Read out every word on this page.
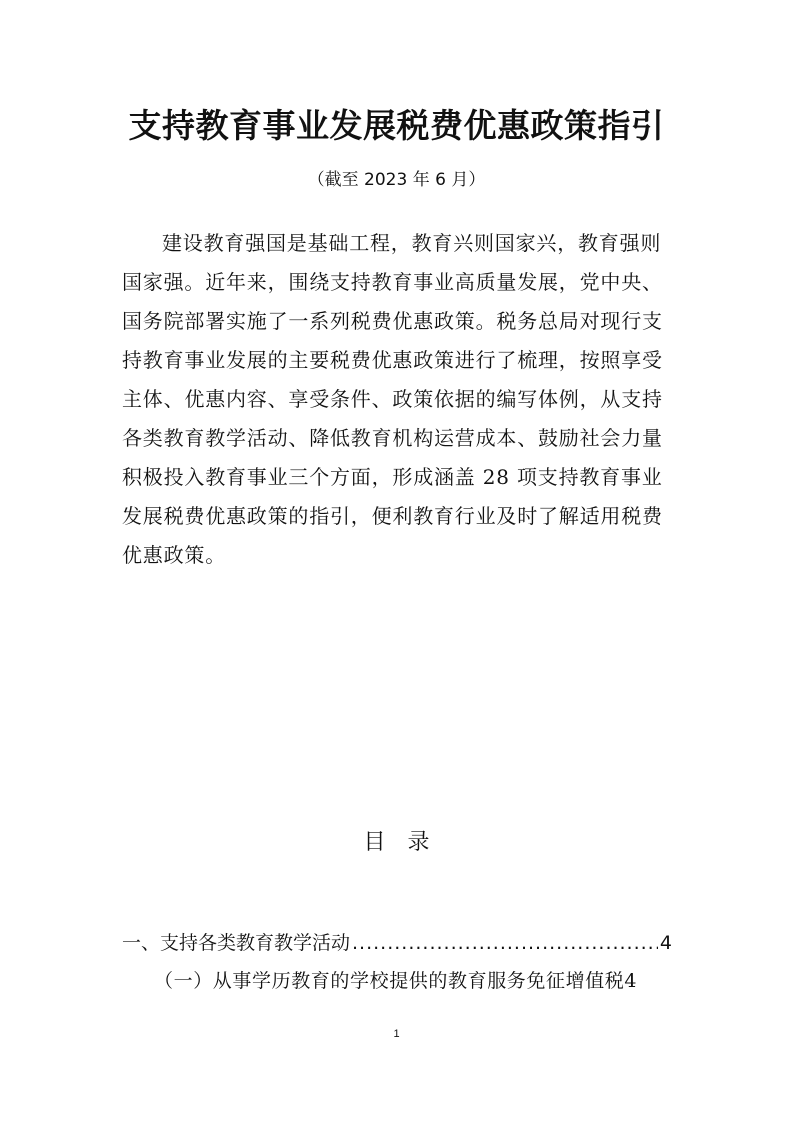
支持教育事业发展税费优惠政策指引
（截至 2023 年 6 月）
建设教育强国是基础工程，教育兴则国家兴，教育强则
国家强。近年来，围绕支持教育事业高质量发展，党中央、
国务院部署实施了一系列税费优惠政策。税务总局对现行支
持教育事业发展的主要税费优惠政策进行了梳理，按照享受
主体、优惠内容、享受条件、政策依据的编写体例，从支持
各类教育教学活动、降低教育机构运营成本、鼓励社会力量
积极投入教育事业三个方面，形成涵盖 28 项支持教育事业
发展税费优惠政策的指引，便利教育行业及时了解适用税费
优惠政策。
目　录
一、支持各类教育教学活动
.....	4
（一）从事学历教育的学校提供的教育服务免征增值税 4
1
